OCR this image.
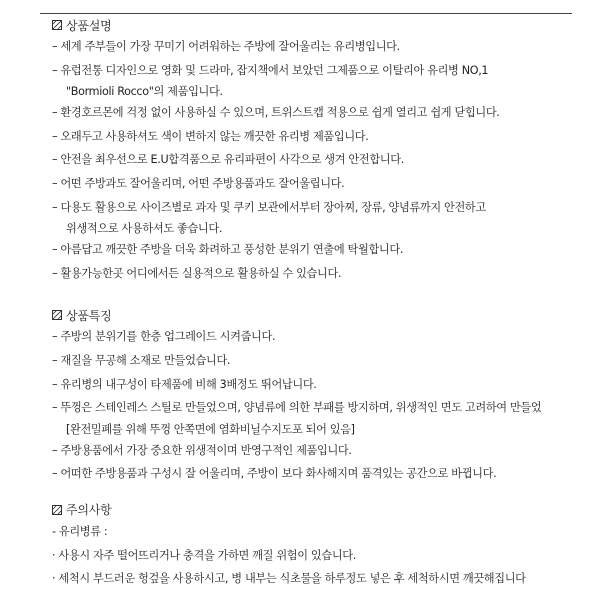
상품설명
– 세계 주부들이 가장 꾸미기 어려워하는 주방에 잘어울리는 유리병입니다.
– 유럽전통 디자인으로 영화 및 드라마, 잡지책에서 보았던 그제품으로 이탈리아 유리병 NO,1
"Bormioli Rocco"의 제품입니다.
– 환경호르몬에 걱정 없이 사용하실 수 있으며, 트위스트캡 적용으로 쉽게 열리고 쉽게 닫힙니다.
– 오래두고 사용하셔도 색이 변하지 않는 깨끗한 유리병 제품입니다.
– 안전을 최우선으로 E.U합격품으로 유리파편이 사각으로 생겨 안전합니다.
– 어떤 주방과도 잘어울리며, 어떤 주방용품과도 잘어울립니다.
– 다용도 활용으로 사이즈별로 과자 및 쿠키 보관에서부터 장아찌, 장류, 양념류까지 안전하고
위생적으로 사용하셔도 좋습니다.
– 아름답고 깨끗한 주방을 더욱 화려하고 풍성한 분위기 연출에 탁월합니다.
– 활용가능한곳 어디에서든 실용적으로 활용하실 수 있습니다.
상품특징
– 주방의 분위기를 한층 업그레이드 시켜줍니다.
– 재질을 무공해 소재로 만들었습니다.
– 유리병의 내구성이 타제품에 비해 3배정도 뛰어납니다.
– 뚜껑은 스테인레스 스틸로 만들었으며, 양념류에 의한 부패를 방지하며, 위생적인 면도 고려하여 만들었
[완전밀폐를 위해 뚜껑 안쪽면에 염화비닐수지도포 되어 있음]
– 주방용품에서 가장 중요한 위생적이며 반영구적인 제품입니다.
– 어떠한 주방용품과 구성시 잘 어울리며, 주방이 보다 화사해지며 품격있는 공간으로 바뀝니다.
주의사항
- 유리병류 :
· 사용시 자주 떨어뜨리거나 충격을 가하면 깨질 위험이 있습니다.
· 세척시 부드러운 헝겊을 사용하시고, 병 내부는 식초물을 하루정도 넣은 후 세척하시면 깨끗해집니다
